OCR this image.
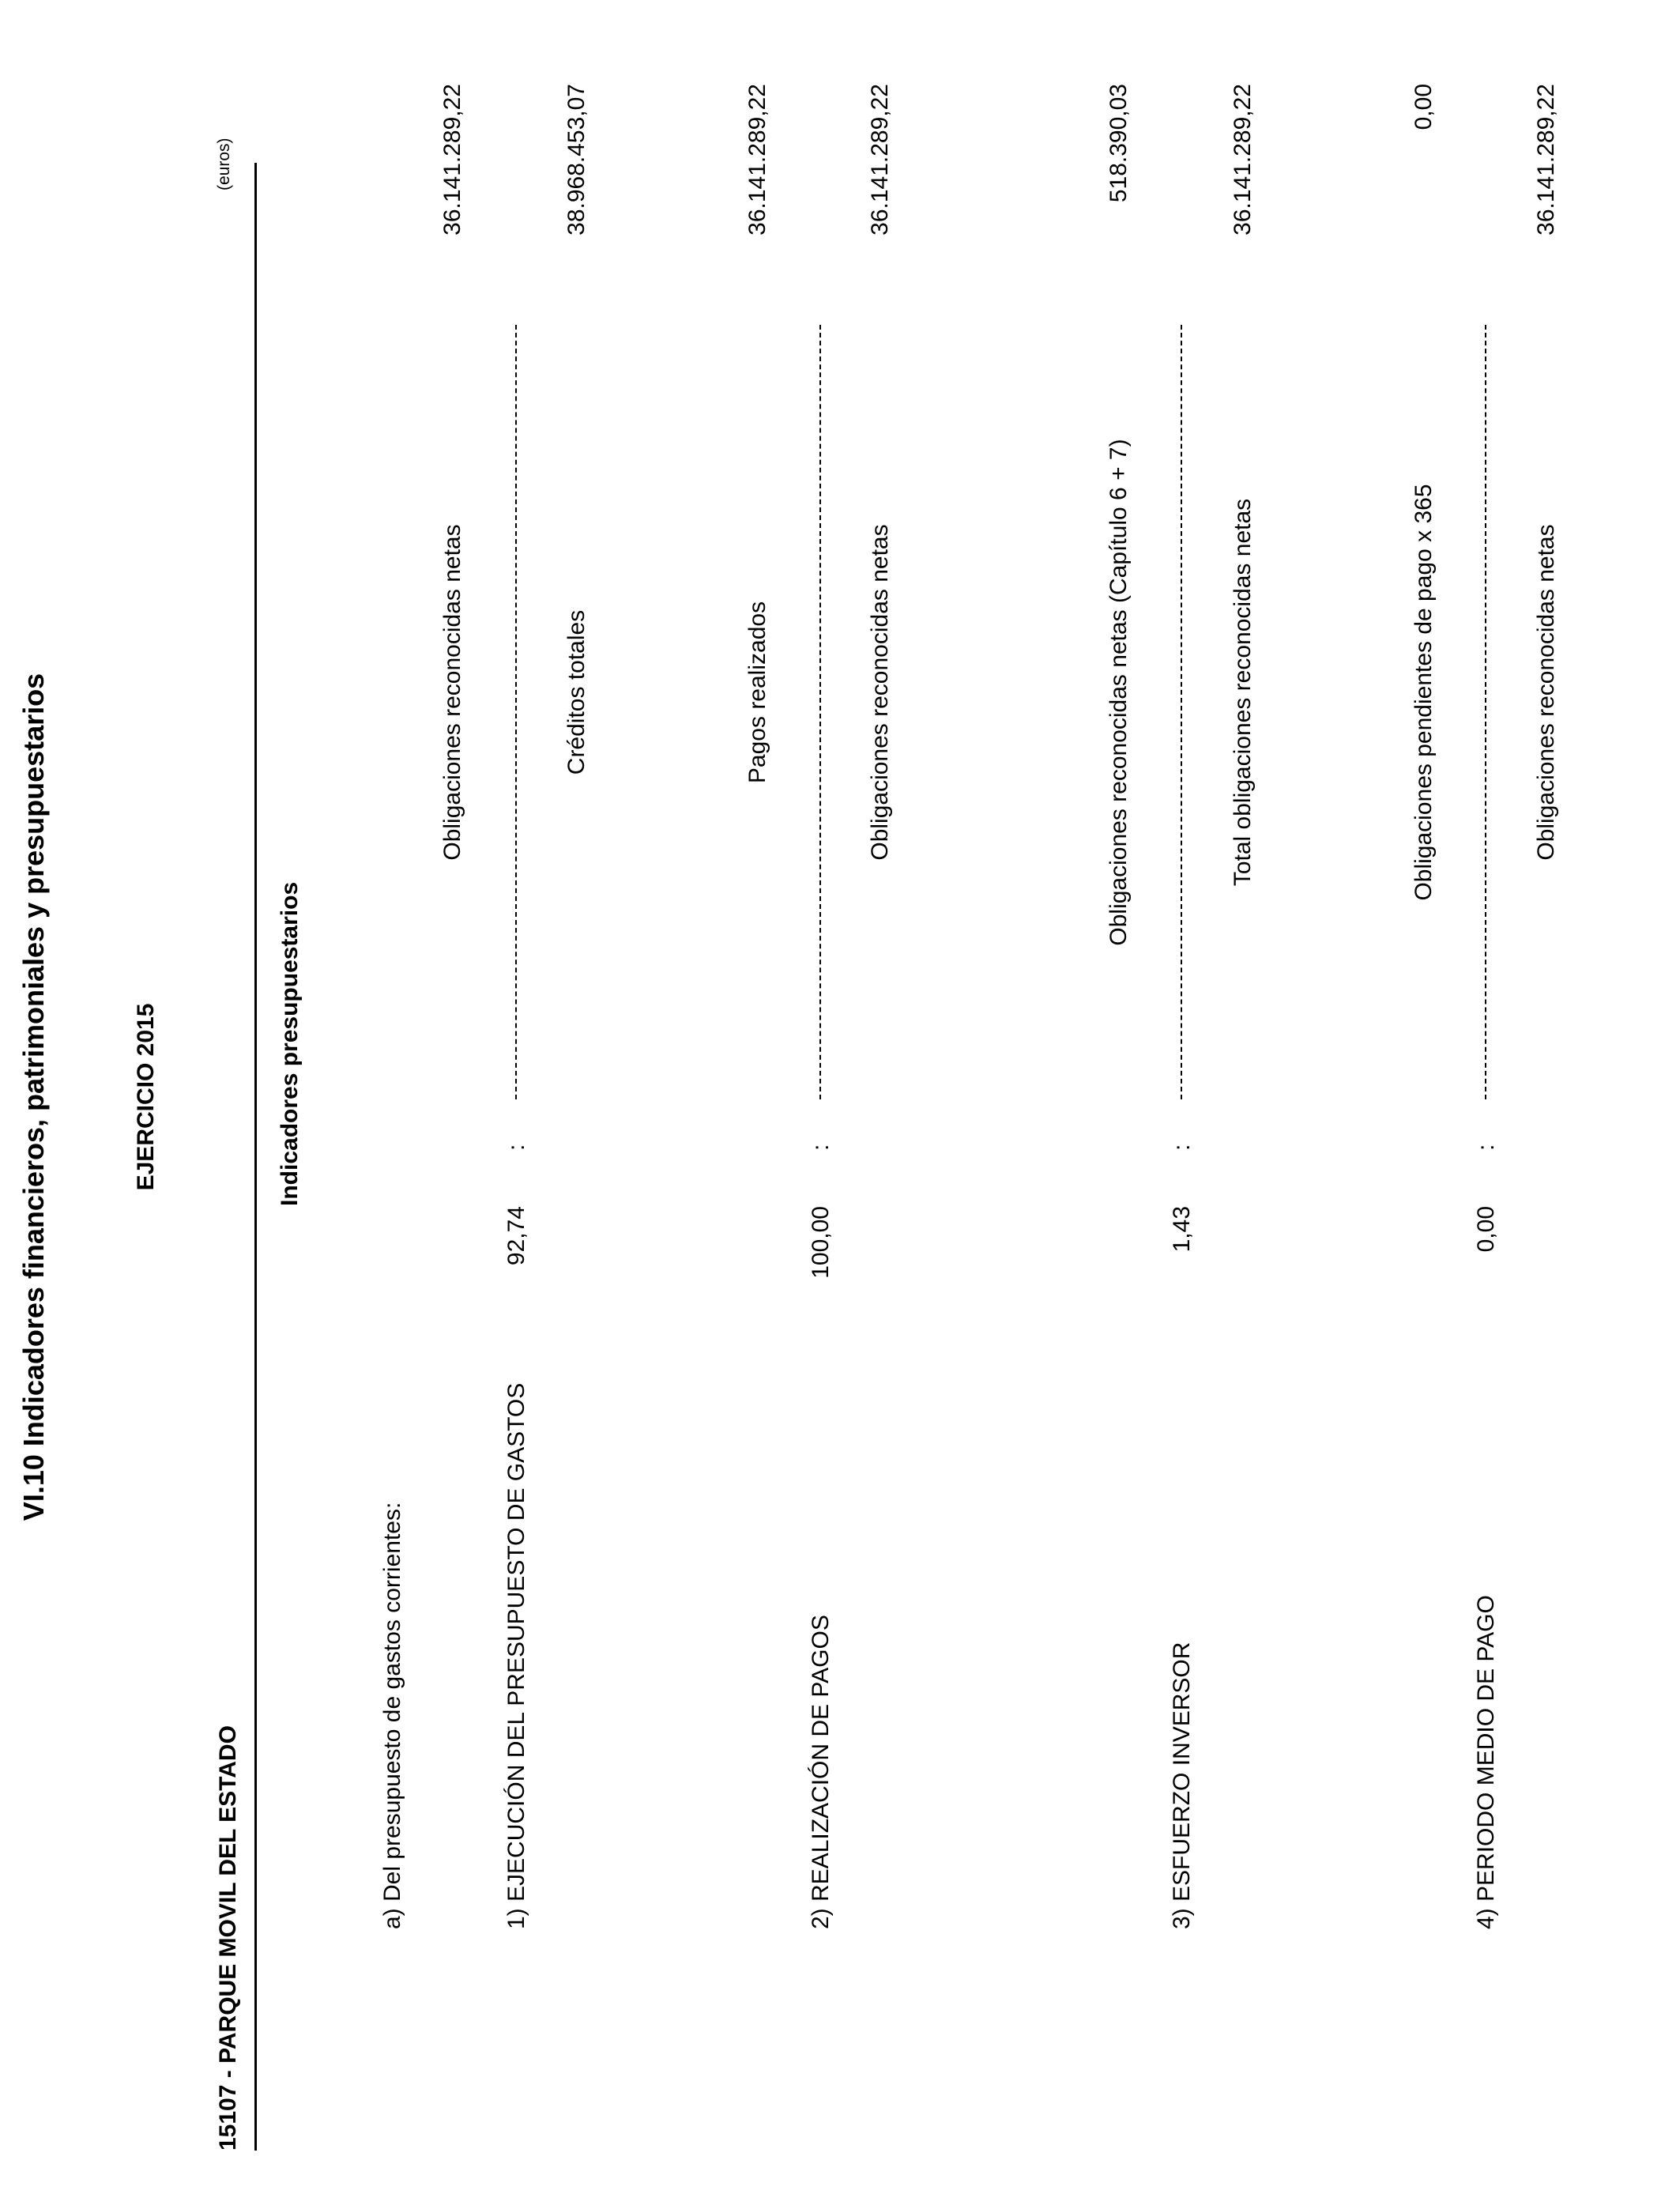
VI.10 Indicadores financieros, patrimoniales y presupuestarios	EJERCICIO 2015
15107 - PARQUE MOVIL DEL ESTADO
(euros)
Indicadores presupuestarios
a) Del presupuesto de gastos corrientes:	1) EJECUCIÓN DEL PRESUPUESTO DE GASTOS
92,74
:
Obligaciones reconocidas netas	Créditos totales
36.141.289,22	38.968.453,07
2) REALIZACIÓN DE PAGOS
100,00
:
Pagos realizados	Obligaciones reconocidas netas
36.141.289,22	36.141.289,22
3) ESFUERZO INVERSOR
1,43
:
Obligaciones reconocidas netas (Capítulo 6 + 7)	Total obligaciones reconocidas netas
518.390,03	36.141.289,22
4) PERIODO MEDIO DE PAGO
0,00
:
Obligaciones pendientes de pago x 365	Obligaciones reconocidas netas
0,00	36.141.289,22
